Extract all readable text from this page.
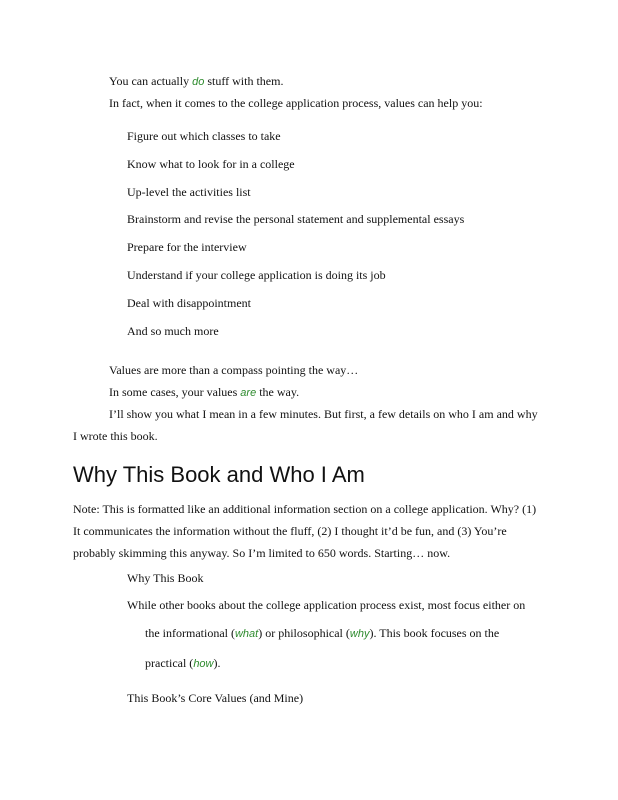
You can actually do stuff with them.
In fact, when it comes to the college application process, values can help you:
Figure out which classes to take
Know what to look for in a college
Up-level the activities list
Brainstorm and revise the personal statement and supplemental essays
Prepare for the interview
Understand if your college application is doing its job
Deal with disappointment
And so much more
Values are more than a compass pointing the way…
In some cases, your values are the way.
I’ll show you what I mean in a few minutes. But first, a few details on who I am and why
I wrote this book.
Why This Book and Who I Am
Note: This is formatted like an additional information section on a college application. Why? (1)
It communicates the information without the fluff, (2) I thought it’d be fun, and (3) You’re
probably skimming this anyway. So I’m limited to 650 words. Starting… now.
Why This Book
While other books about the college application process exist, most focus either on
the informational (what) or philosophical (why). This book focuses on the
practical (how).
This Book’s Core Values (and Mine)
